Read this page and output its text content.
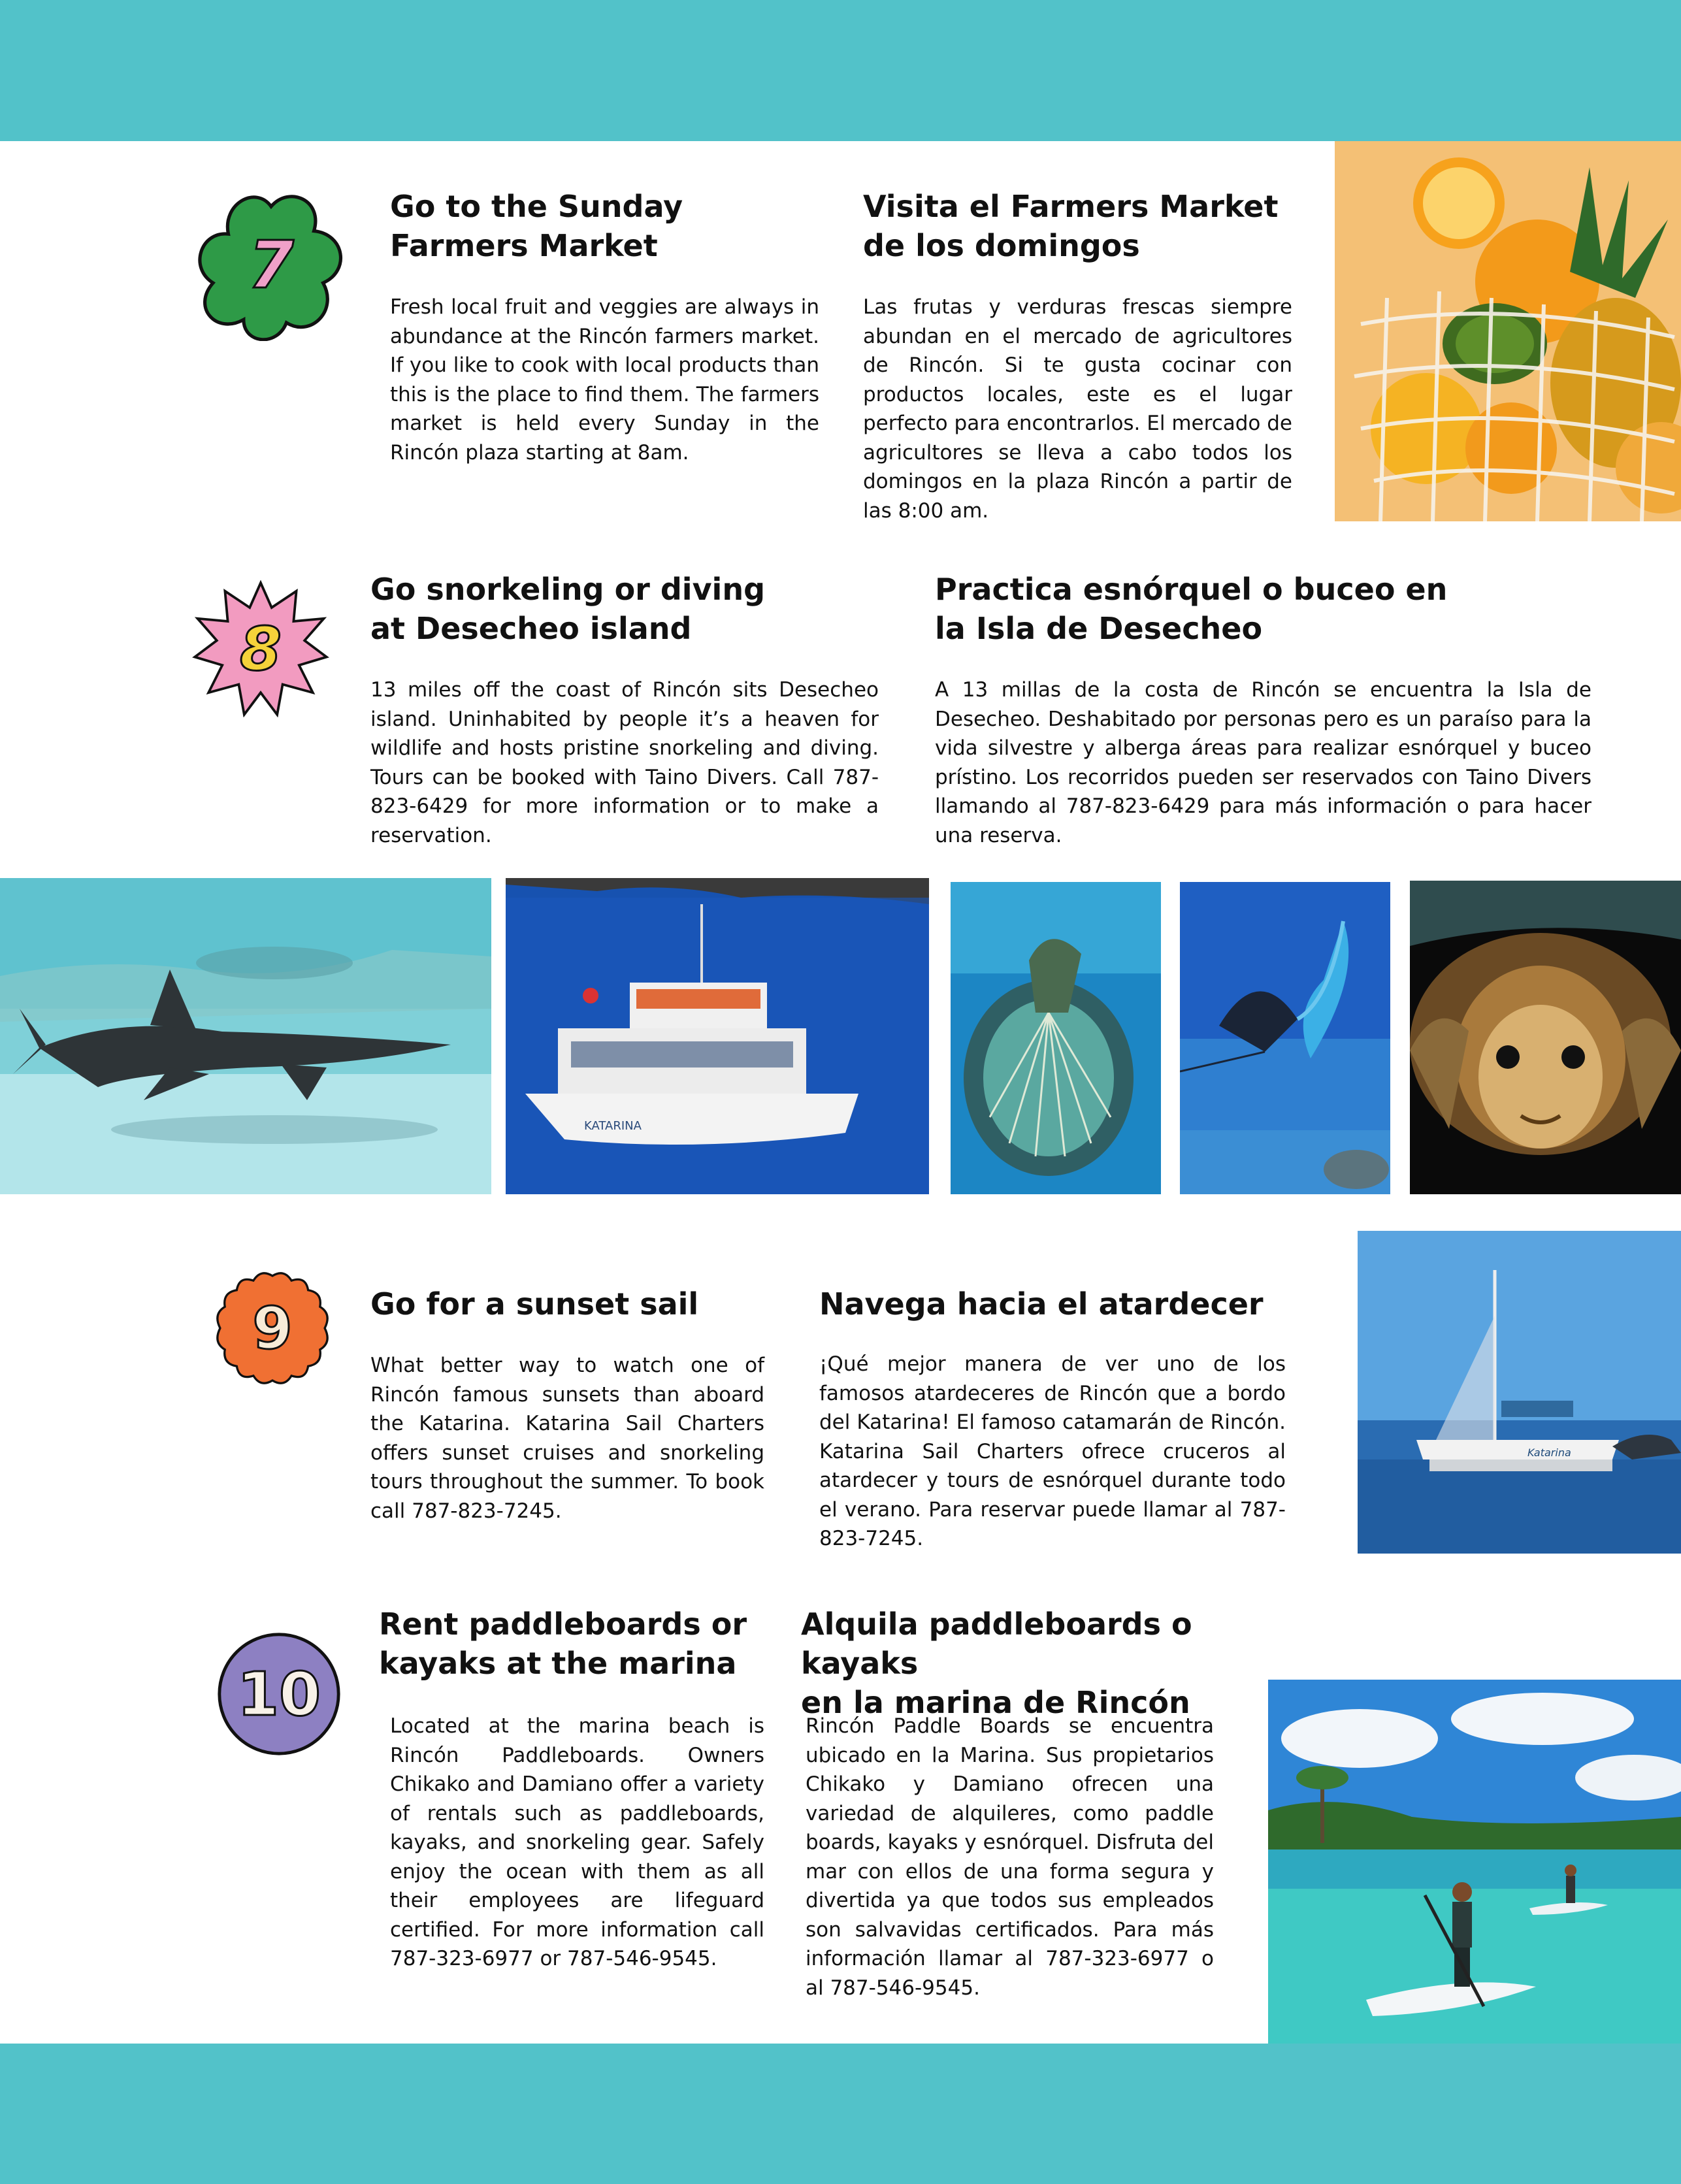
7
Go to the Sunday
Farmers Market

Fresh local fruit and veggies are always in abundance at the Rincón farmers market. If you like to cook with local products than this is the place to find them. The farmers market is held every Sunday in the Rincón plaza starting at 8am.

Visita el Farmers Market
de los domingos

Las frutas y verduras frescas siempre abundan en el mercado de agricultores de Rincón. Si te gusta cocinar con productos locales, este es el lugar perfecto para encontrarlos. El mercado de agricultores se lleva a cabo todos los domingos en la plaza Rincón a partir de las 8:00 am.

8
Go snorkeling or diving
at Desecheo island

13 miles off the coast of Rincón sits Desecheo island. Uninhabited by people it’s a heaven for wildlife and hosts pristine snorkeling and diving. Tours can be booked with Taino Divers. Call 787-823-6429 for more information or to make a reservation.

Practica esnórquel o buceo en
la Isla de Desecheo

A 13 millas de la costa de Rincón se encuentra la Isla de Desecheo. Deshabitado por personas pero es un paraíso para la vida silvestre y alberga áreas para realizar esnórquel y buceo prístino. Los recorridos pueden ser reservados con Taino Divers llamando al 787-823-6429 para más información o para hacer una reserva.

KATARINA
9	Go for a sunset sail

What better way to watch one of Rincón famous sunsets than aboard the Katarina. Katarina Sail Charters offers sunset cruises and snorkeling tours throughout the summer. To book call 787-823-7245.

Navega hacia el atardecer

¡Qué mejor manera de ver uno de los famosos atardeceres de Rincón que a bordo del Katarina! El famoso catamarán de Rincón. Katarina Sail Charters ofrece cruceros al atardecer y tours de esnórquel durante todo el verano. Para reservar puede llamar al 787-823-7245.

Katarina
10
Rent paddleboards or
kayaks at the marina

Located at the marina beach is Rincón Paddleboards. Owners Chikako and Damiano offer a variety of rentals such as paddleboards, kayaks, and snorkeling gear. Safely enjoy the ocean with them as all their employees are lifeguard certified. For more information call 787-323-6977 or 787-546-9545.

Alquila paddleboards o kayaks
en la marina de Rincón

Rincón Paddle Boards se encuentra ubicado en la Marina. Sus propietarios Chikako y Damiano ofrecen una variedad de alquileres, como paddle boards, kayaks y esnórquel. Disfruta del mar con ellos de una forma segura y divertida ya que todos sus empleados son salvavidas certificados. Para más información llamar al 787-323-6977 o al 787-546-9545.
